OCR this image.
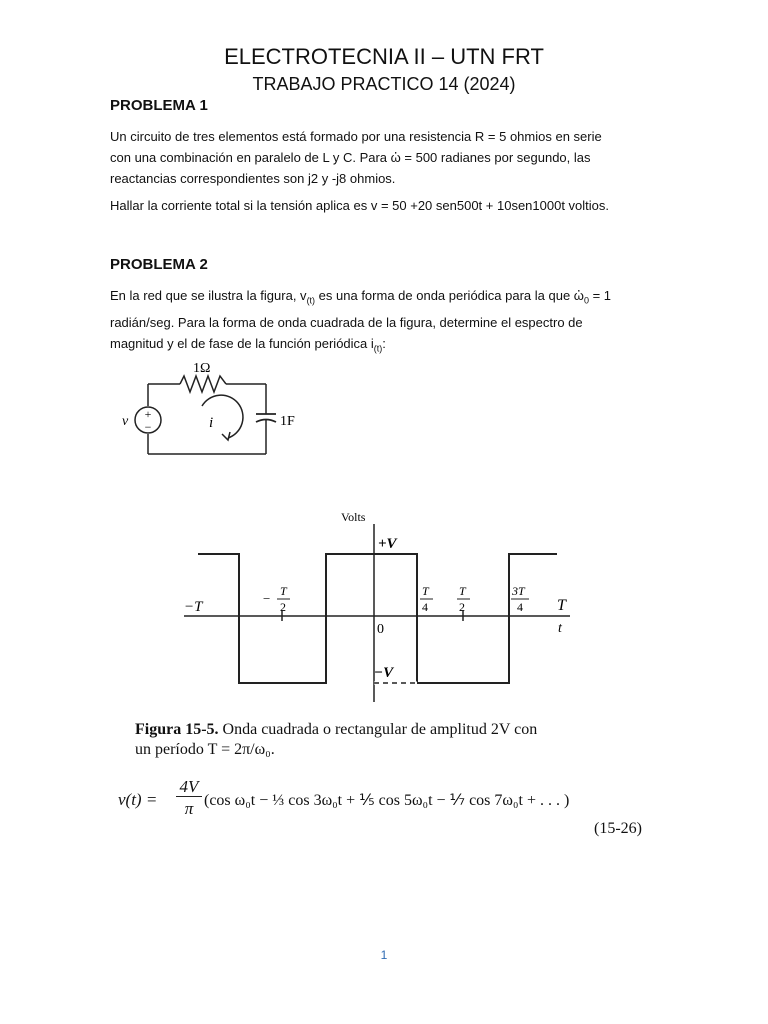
ELECTROTECNIA II – UTN FRT
TRABAJO PRACTICO 14 (2024)
PROBLEMA 1
Un circuito de tres elementos está formado por una resistencia R = 5 ohmios en serie
con una combinación en paralelo de L y C. Para ὠ = 500 radianes por segundo, las
reactancias correspondientes son j2 y -j8 ohmios.
Hallar la corriente total si la tensión aplica es v = 50 +20 sen500t + 10sen1000t voltios.
PROBLEMA 2
En la red que se ilustra la figura, $v_{(t)}$ es una forma de onda periódica para la que ὠ$_0$ = 1
radián/seg. Para la forma de onda cuadrada de la figura, determine el espectro de
magnitud y el de fase de la función periódica $i_{(t)}$:
+
−
v
1Ω
1F
i
Volts
+V
−V
0
−T	T
t
− T
2
T
4
T
2
3T
4
Figura 15-5. Onda cuadrada o rectangular de amplitud 2V con
un período T = 2π/ω₀.
v(t) =
4V
π (cos ω₀t − ⅓ cos 3ω₀t + ⅕ cos 5ω₀t − ⅐ cos 7ω₀t + . . . )
(15-26)
1
